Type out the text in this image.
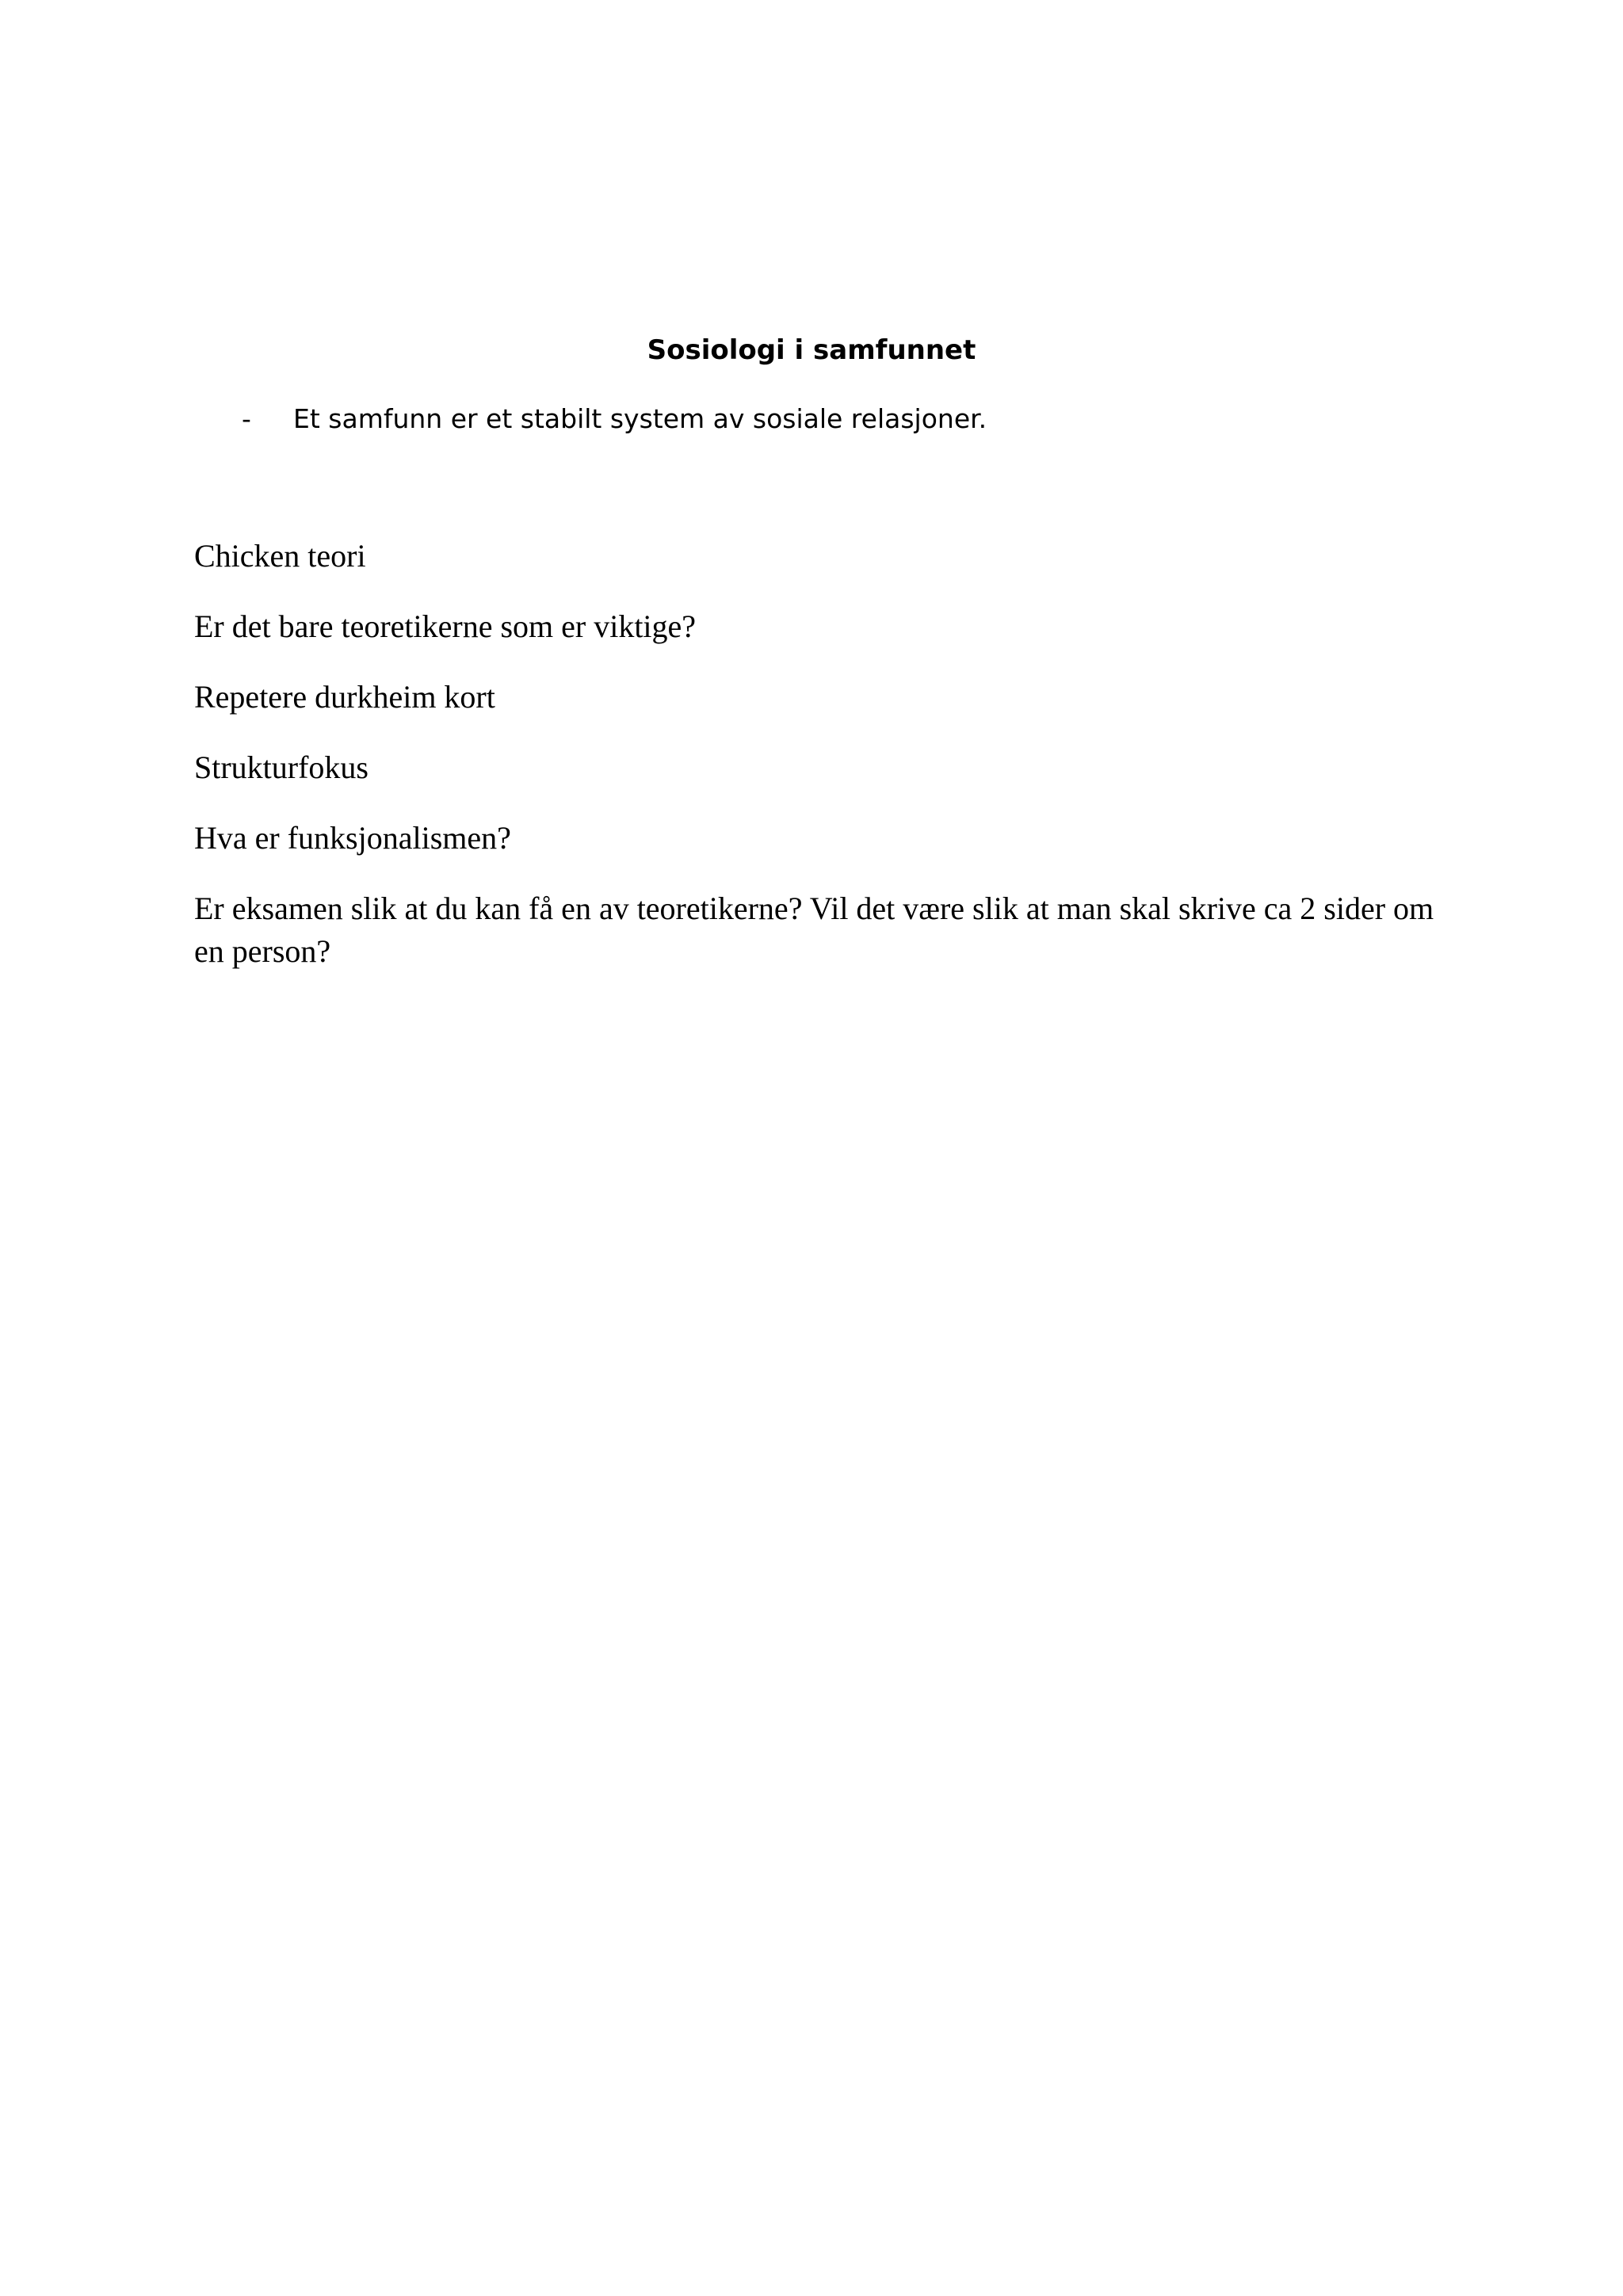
Sosiologi i samfunnet
-	Et samfunn er et stabilt system av sosiale relasjoner.

Chicken teori

Er det bare teoretikerne som er viktige?

Repetere durkheim kort

Strukturfokus

Hva er funksjonalismen?

Er eksamen slik at du kan få en av teoretikerne? Vil det være slik at man skal skrive ca 2 sider om en person?
